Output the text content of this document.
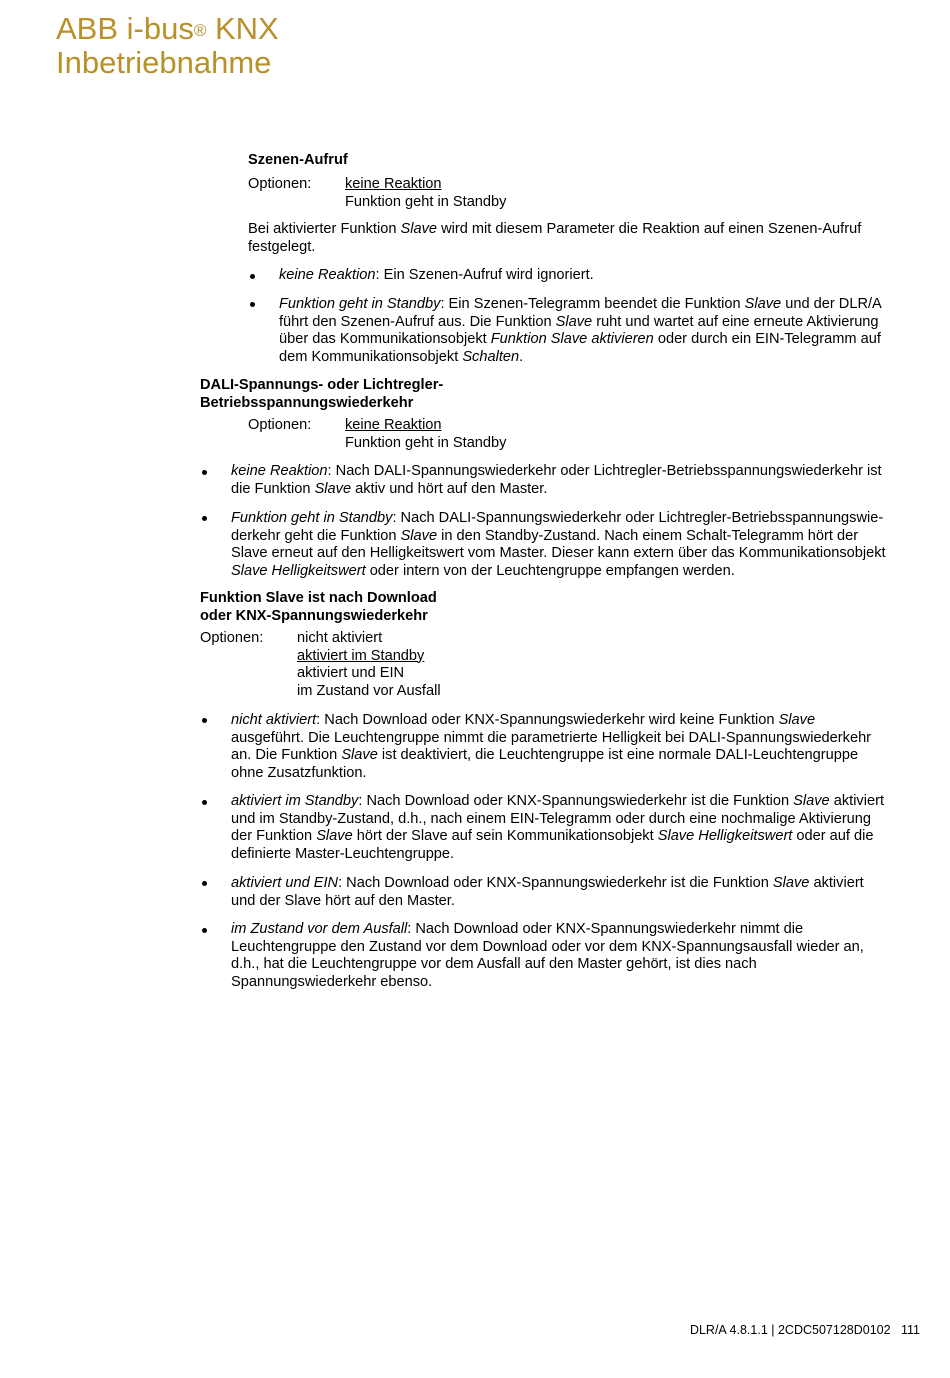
ABB i-bus® KNX
Inbetriebnahme
Szenen-Aufruf
Optionen: keine Reaktion
Funktion geht in Standby
Bei aktivierter Funktion Slave wird mit diesem Parameter die Reaktion auf einen Szenen-Aufruf
festgelegt.
keine Reaktion: Ein Szenen-Aufruf wird ignoriert.
Funktion geht in Standby: Ein Szenen-Telegramm beendet die Funktion Slave und der DLR/A
führt den Szenen-Aufruf aus. Die Funktion Slave ruht und wartet auf eine erneute Aktivierung
über das Kommunikationsobjekt Funktion Slave aktivieren oder durch ein EIN-Telegramm auf
dem Kommunikationsobjekt Schalten.
DALI-Spannungs- oder Lichtregler-
Betriebsspannungswiederkehr
Optionen: keine Reaktion
Funktion geht in Standby
keine Reaktion: Nach DALI-Spannungswiederkehr oder Lichtregler-Betriebsspannungswiederkehr ist
die Funktion Slave aktiv und hört auf den Master.
Funktion geht in Standby: Nach DALI-Spannungswiederkehr oder Lichtregler-Betriebsspannungswie-
derkehr geht die Funktion Slave in den Standby-Zustand. Nach einem Schalt-Telegramm hört der
Slave erneut auf den Helligkeitswert vom Master. Dieser kann extern über das Kommunikationsobjekt
Slave Helligkeitswert oder intern von der Leuchtengruppe empfangen werden.
Funktion Slave ist nach Download
oder KNX-Spannungswiederkehr
Optionen: nicht aktiviert
aktiviert im Standby
aktiviert und EIN
im Zustand vor Ausfall
nicht aktiviert: Nach Download oder KNX-Spannungswiederkehr wird keine Funktion Slave
ausgeführt. Die Leuchtengruppe nimmt die parametrierte Helligkeit bei DALI-Spannungswiederkehr
an. Die Funktion Slave ist deaktiviert, die Leuchtengruppe ist eine normale DALI-Leuchtengruppe
ohne Zusatzfunktion.
aktiviert im Standby: Nach Download oder KNX-Spannungswiederkehr ist die Funktion Slave aktiviert
und im Standby-Zustand, d.h., nach einem EIN-Telegramm oder durch eine nochmalige Aktivierung
der Funktion Slave hört der Slave auf sein Kommunikationsobjekt Slave Helligkeitswert oder auf die
definierte Master-Leuchtengruppe.
aktiviert und EIN: Nach Download oder KNX-Spannungswiederkehr ist die Funktion Slave aktiviert
und der Slave hört auf den Master.
im Zustand vor dem Ausfall: Nach Download oder KNX-Spannungswiederkehr nimmt die
Leuchtengruppe den Zustand vor dem Download oder vor dem KNX-Spannungsausfall wieder an,
d.h., hat die Leuchtengruppe vor dem Ausfall auf den Master gehört, ist dies nach
Spannungswiederkehr ebenso.
DLR/A 4.8.1.1 | 2CDC507128D0102 111
